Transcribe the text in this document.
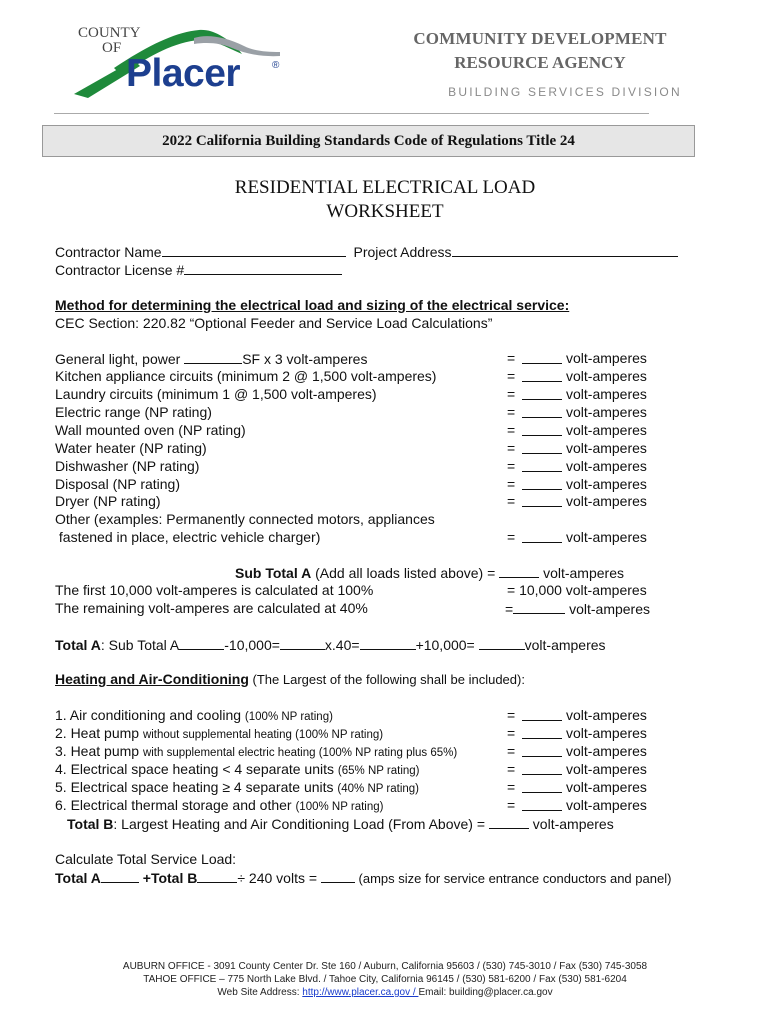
COUNTY
OF
Placer	®
COMMUNITY DEVELOPMENT
RESOURCE AGENCY
BUILDING SERVICES DIVISION
2022 California Building Standards Code of Regulations Title 24
RESIDENTIAL ELECTRICAL LOAD
WORKSHEET
Contractor Name	Project Address
Contractor License #
Method for determining the electrical load and sizing of the electrical service:
CEC Section: 220.82 “Optional Feeder and Service Load Calculations”
General light, power	SF x 3 volt-amperes	=	volt-amperes
Kitchen appliance circuits (minimum 2 @ 1,500 volt-amperes)	=	volt-amperes
Laundry circuits (minimum 1 @ 1,500 volt-amperes)	=	volt-amperes
Electric range (NP rating)	=	volt-amperes
Wall mounted oven (NP rating)	=	volt-amperes
Water heater (NP rating)	=	volt-amperes
Dishwasher (NP rating)	=	volt-amperes
Disposal (NP rating)	=	volt-amperes
Dryer (NP rating)	=	volt-amperes
Other (examples: Permanently connected motors, appliances
fastened in place, electric vehicle charger)	=	volt-amperes
Sub Total A (Add all loads listed above) =	volt-amperes
The first 10,000 volt-amperes is calculated at 100%	= 10,000 volt-amperes
The remaining volt-amperes are calculated at 40%	=	volt-amperes
Total A: Sub Total A	-10,000=	x.40=	+10,000=	volt-amperes
Heating and Air-Conditioning (The Largest of the following shall be included):
1. Air conditioning and cooling (100% NP rating)	=	volt-amperes
2. Heat pump without supplemental heating (100% NP rating)	=	volt-amperes
3. Heat pump with supplemental electric heating (100% NP rating plus 65%)	=	volt-amperes
4. Electrical space heating < 4 separate units (65% NP rating)	=	volt-amperes
5. Electrical space heating ≥ 4 separate units (40% NP rating)	=	volt-amperes
6. Electrical thermal storage and other (100% NP rating)	=	volt-amperes
Total B: Largest Heating and Air Conditioning Load (From Above) =	volt-amperes
Calculate Total Service Load:
Total A	+Total B	÷ 240 volts =	(amps size for service entrance conductors and panel)
AUBURN OFFICE - 3091 County Center Dr. Ste 160 / Auburn, California 95603 / (530) 745-3010 / Fax (530) 745-3058
TAHOE OFFICE – 775 North Lake Blvd. / Tahoe City, California 96145 / (530) 581-6200 / Fax (530) 581-6204
Web Site Address: http://www.placer.ca.gov / Email: building@placer.ca.gov
